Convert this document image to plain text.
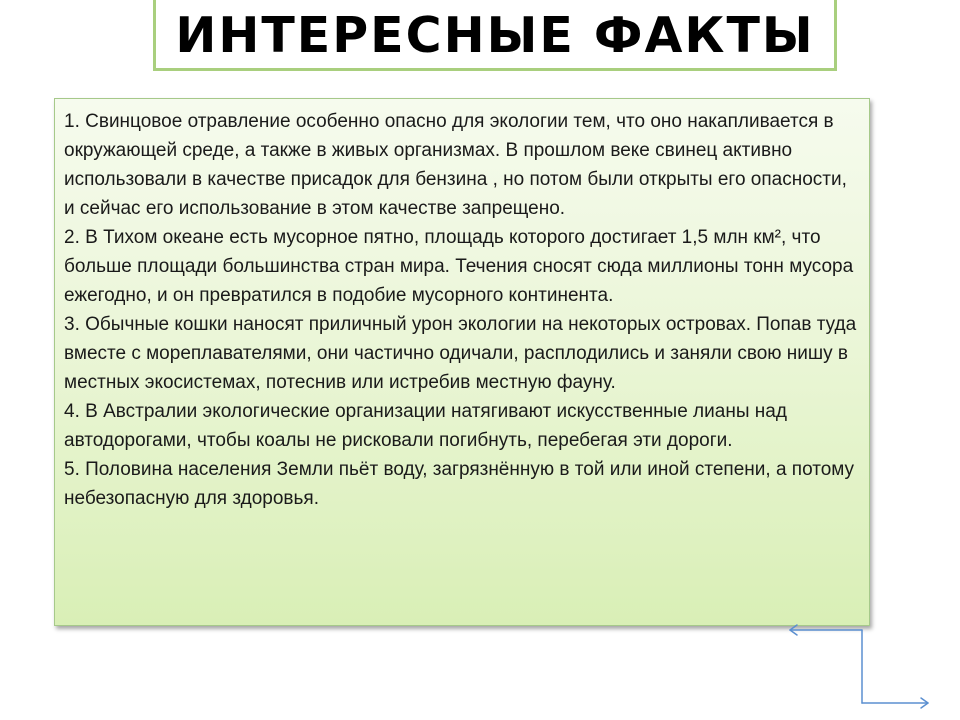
ИНТЕРЕСНЫЕ ФАКТЫ

1. Свинцовое отравление особенно опасно для экологии тем, что оно накапливается в окружающей среде, а также в живых организмах. В прошлом веке свинец активно использовали в качестве присадок для бензина , но потом были открыты его опасности, и сейчас его использование в этом качестве запрещено.

2. В Тихом океане есть мусорное пятно, площадь которого достигает 1,5 млн км², что больше площади большинства стран мира. Течения сносят сюда миллионы тонн мусора ежегодно, и он превратился в подобие мусорного континента.

3. Обычные кошки наносят приличный урон экологии на некоторых островах. Попав туда вместе с мореплавателями, они частично одичали, расплодились и заняли свою нишу в местных экосистемах, потеснив или истребив местную фауну.

4. В Австралии экологические организации натягивают искусственные лианы над автодорогами, чтобы коалы не рисковали погибнуть, перебегая эти дороги.

5. Половина населения Земли пьёт воду, загрязнённую в той или иной степени, а потому небезопасную для здоровья.
